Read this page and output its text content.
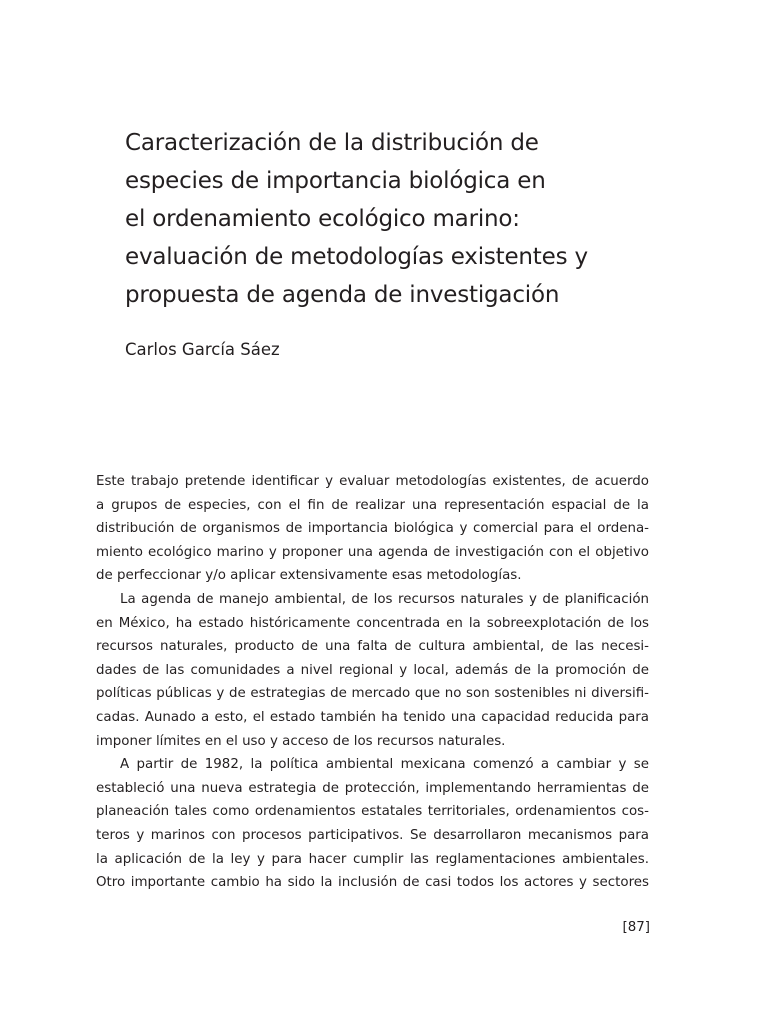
Caracterización de la distribución de
especies de importancia biológica en
el ordenamiento ecológico marino:
evaluación de metodologías existentes y
propuesta de agenda de investigación
Carlos García Sáez
Este trabajo pretende identificar y evaluar metodologías existentes, de acuerdo
a grupos de especies, con el fin de realizar una representación espacial de la
distribución de organismos de importancia biológica y comercial para el ordena-
miento ecológico marino y proponer una agenda de investigación con el objetivo
de perfeccionar y/o aplicar extensivamente esas metodologías.
La agenda de manejo ambiental, de los recursos naturales y de planificación
en México, ha estado históricamente concentrada en la sobreexplotación de los
recursos naturales, producto de una falta de cultura ambiental, de las necesi-
dades de las comunidades a nivel regional y local, además de la promoción de
políticas públicas y de estrategias de mercado que no son sostenibles ni diversifi-
cadas. Aunado a esto, el estado también ha tenido una capacidad reducida para
imponer límites en el uso y acceso de los recursos naturales.
A partir de 1982, la política ambiental mexicana comenzó a cambiar y se
estableció una nueva estrategia de protección, implementando herramientas de
planeación tales como ordenamientos estatales territoriales, ordenamientos cos-
teros y marinos con procesos participativos. Se desarrollaron mecanismos para
la aplicación de la ley y para hacer cumplir las reglamentaciones ambientales.
Otro importante cambio ha sido la inclusión de casi todos los actores y sectores
[87]
